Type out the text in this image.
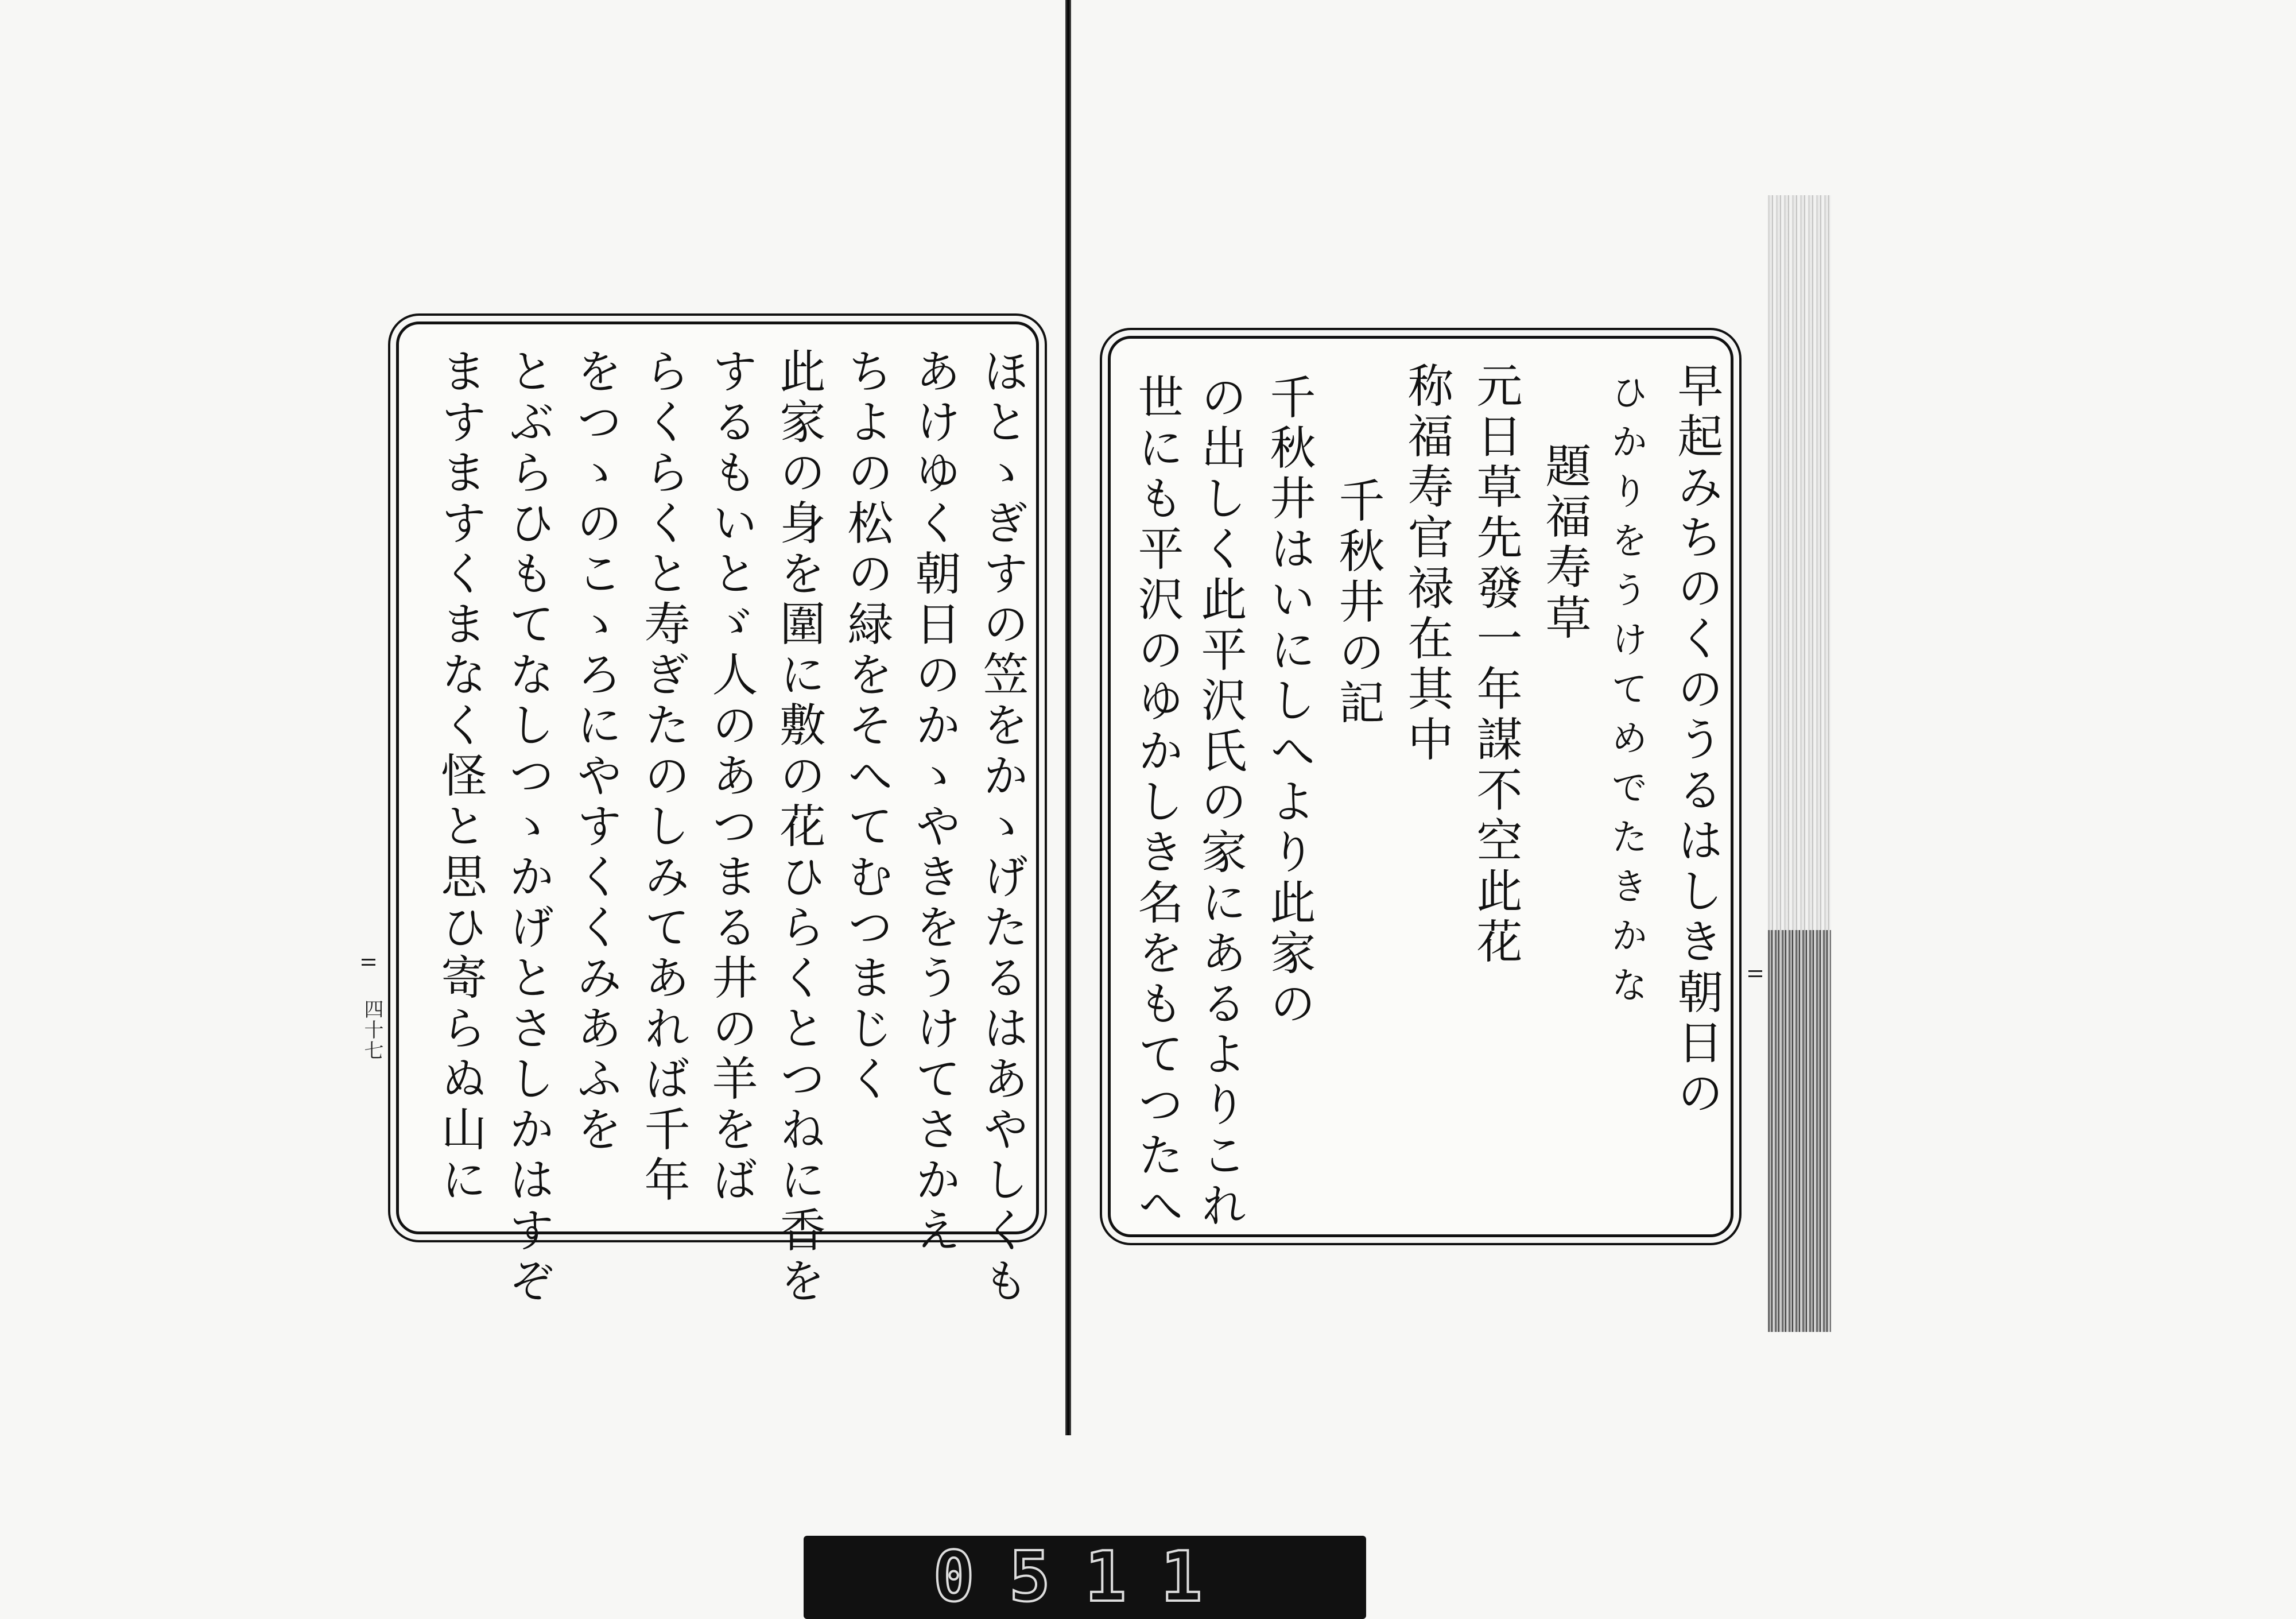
四十七	ほとゝぎすの笠をかゝげたるはあやしくも
あけゆく朝日のかゝやきをうけてさかえ
ちよの松の緑をそへてむつまじく
此家の身を圍に敷の花ひらくとつねに香を
するもいとゞ人のあつまる井の羊をば
らくらくと寿ぎたのしみてあれば千年
をつゝのこゝろにやすくくみあふを
とぶらひもてなしつゝかげとさしかはすぞ
ますますくまなく怪と思ひ寄らぬ山に	早起みちのくのうるはしき朝日の
ひかりをうけてめでたきかな
題福寿草
元日草先發一年謀不空此花
称福寿官禄在其中
千秋井の記
千秋井はいにしへより此家の
の出しく此平沢氏の家にあるよりこれ
世にも平沢のゆかしき名をもてつたへ
0511
